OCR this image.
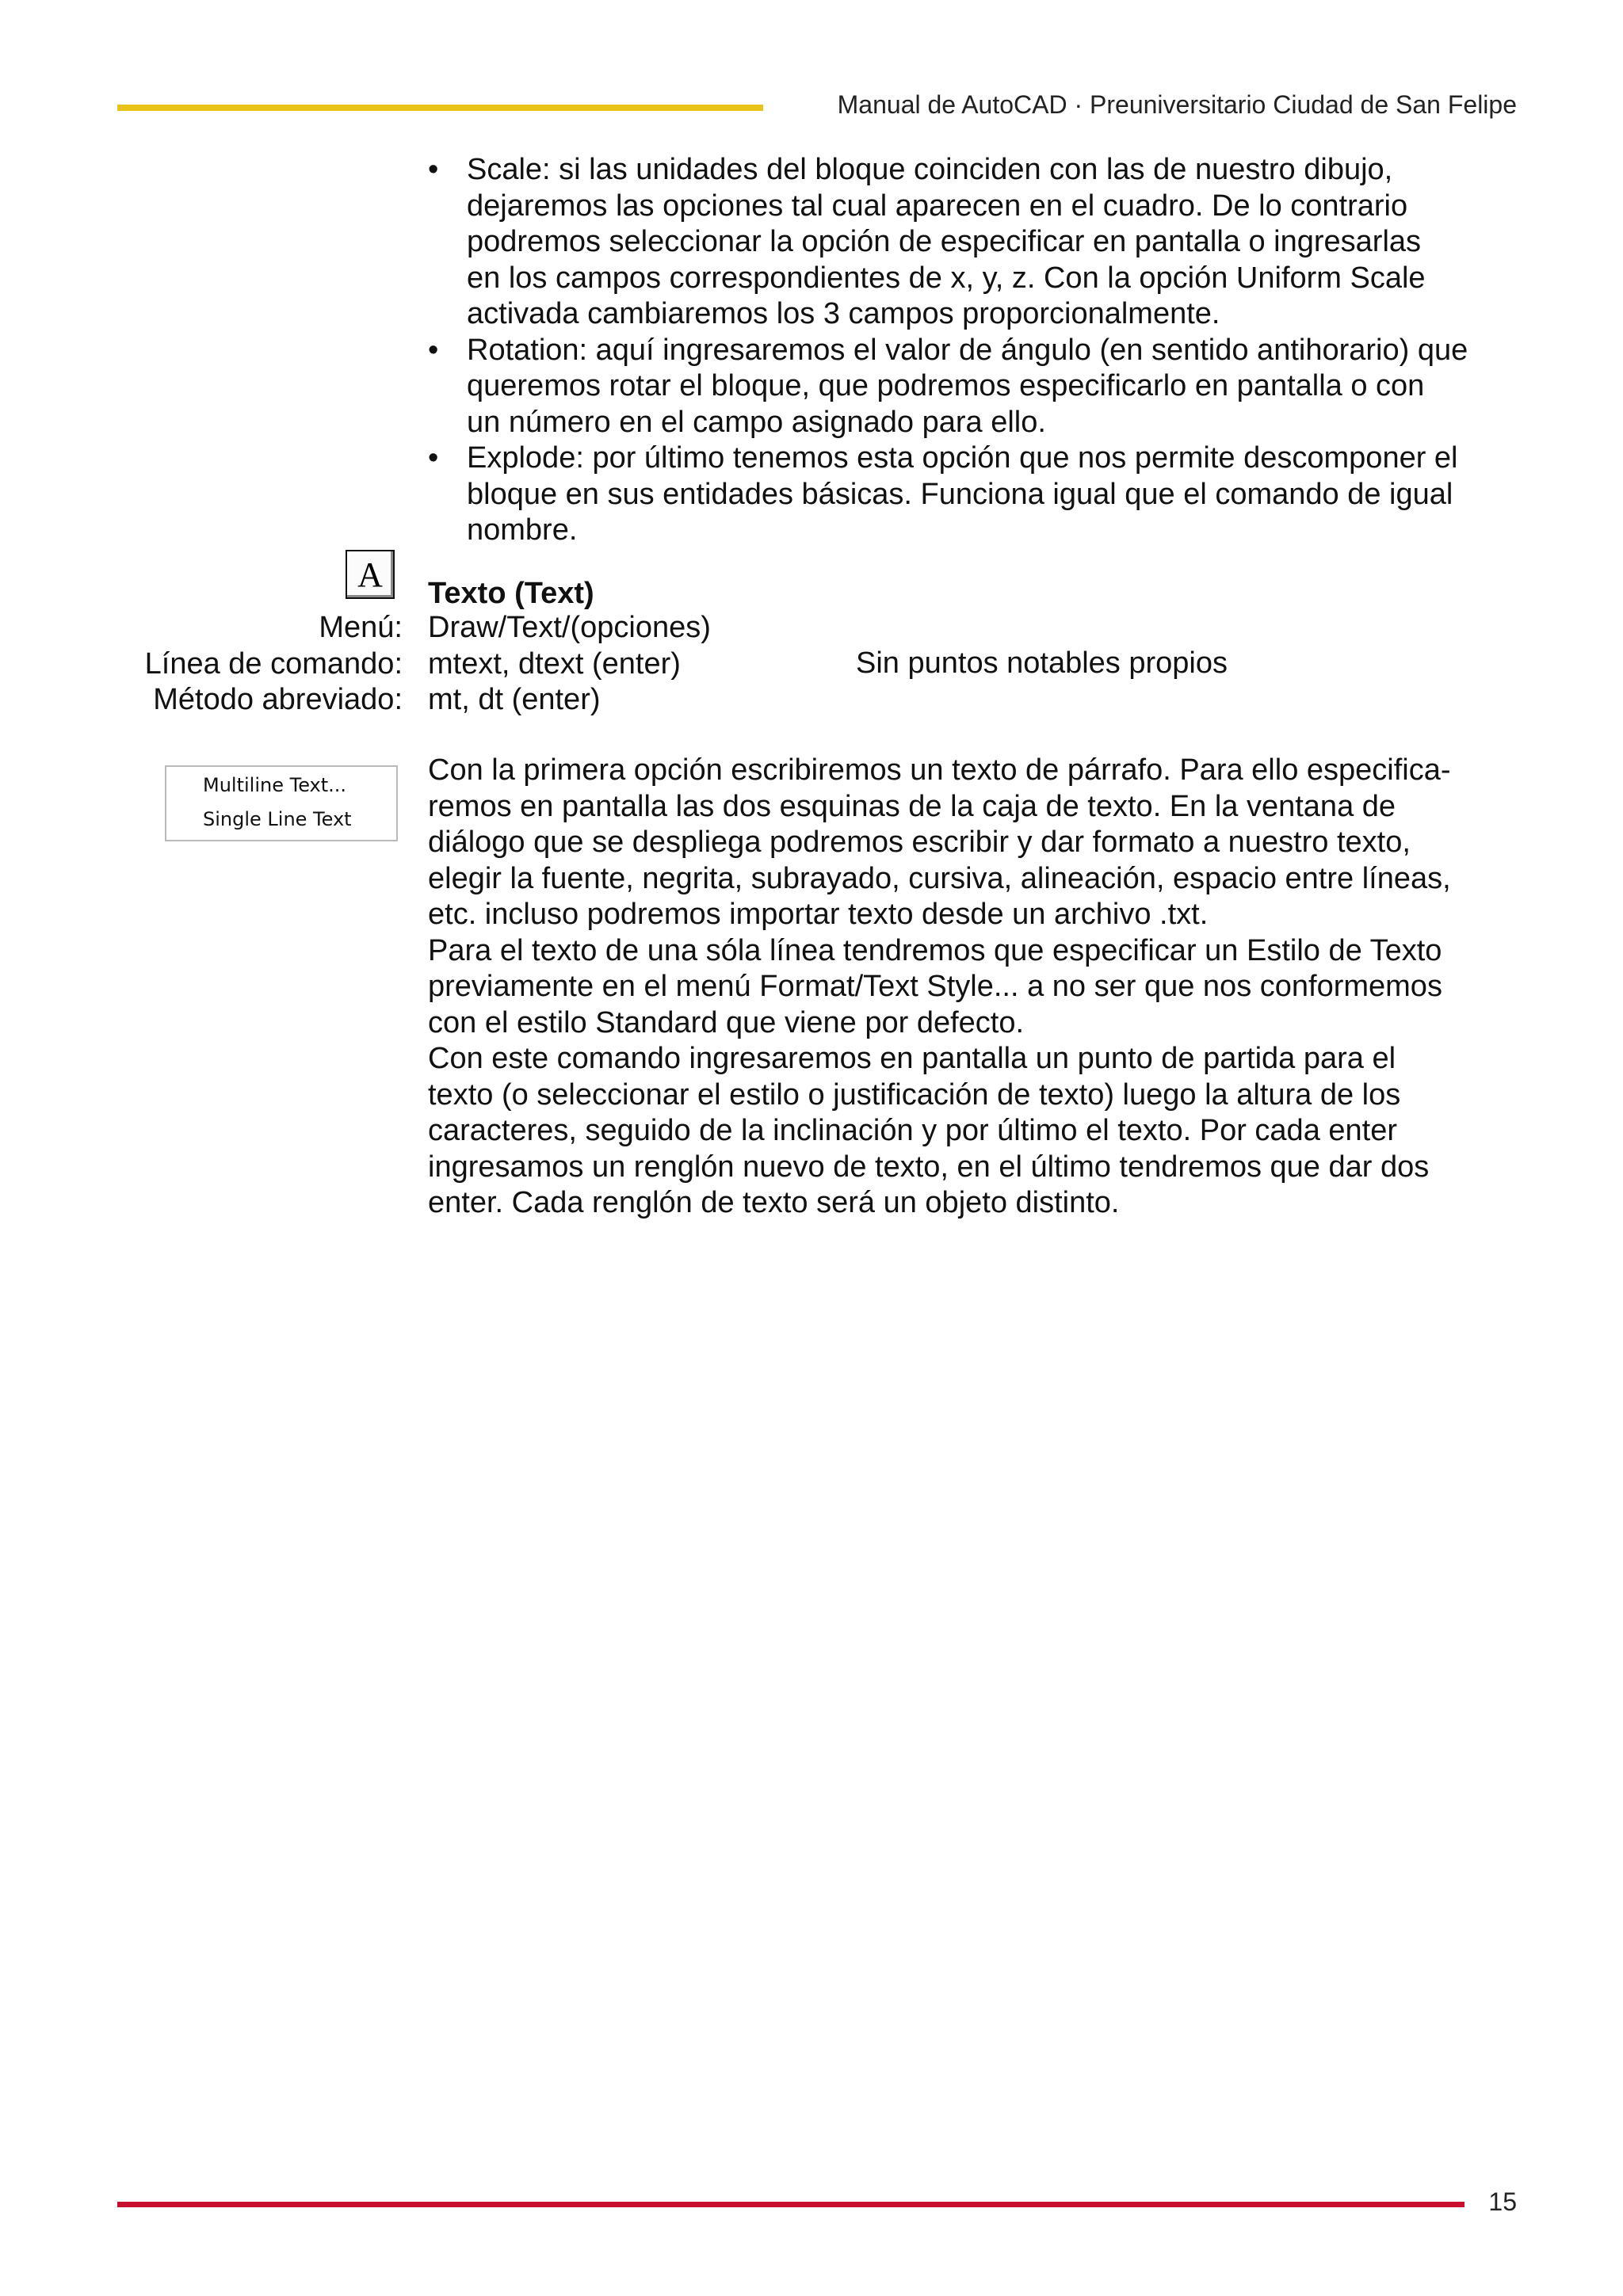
Manual de AutoCAD · Preuniversitario Ciudad de San Felipe
• Scale: si las unidades del bloque coinciden con las de nuestro dibujo,
dejaremos las opciones tal cual aparecen en el cuadro. De lo contrario
podremos seleccionar la opción de especificar en pantalla o ingresarlas
en los campos correspondientes de x, y, z. Con la opción Uniform Scale
activada cambiaremos los 3 campos proporcionalmente.
• Rotation: aquí ingresaremos el valor de ángulo (en sentido antihorario) que
queremos rotar el bloque, que podremos especificarlo en pantalla o con
un número en el campo asignado para ello.
• Explode: por último tenemos esta opción que nos permite descomponer el
bloque en sus entidades básicas. Funciona igual que el comando de igual
nombre.
A	Texto (Text)
Menú:
Línea de comando:
Método abreviado:
Draw/Text/(opciones)
mtext, dtext (enter)
mt, dt (enter)
Sin puntos notables propios
Multiline Text...
Single Line Text

Con la primera opción escribiremos un texto de párrafo. Para ello especifica-
remos en pantalla las dos esquinas de la caja de texto. En la ventana de
diálogo que se despliega podremos escribir y dar formato a nuestro texto,
elegir la fuente, negrita, subrayado, cursiva, alineación, espacio entre líneas,
etc. incluso podremos importar texto desde un archivo .txt.

Para el texto de una sóla línea tendremos que especificar un Estilo de Texto
previamente en el menú Format/Text Style... a no ser que nos conformemos
con el estilo Standard que viene por defecto.

Con este comando ingresaremos en pantalla un punto de partida para el
texto (o seleccionar el estilo o justificación de texto) luego la altura de los
caracteres, seguido de la inclinación y por último el texto. Por cada enter
ingresamos un renglón nuevo de texto, en el último tendremos que dar dos
enter. Cada renglón de texto será un objeto distinto.

15
